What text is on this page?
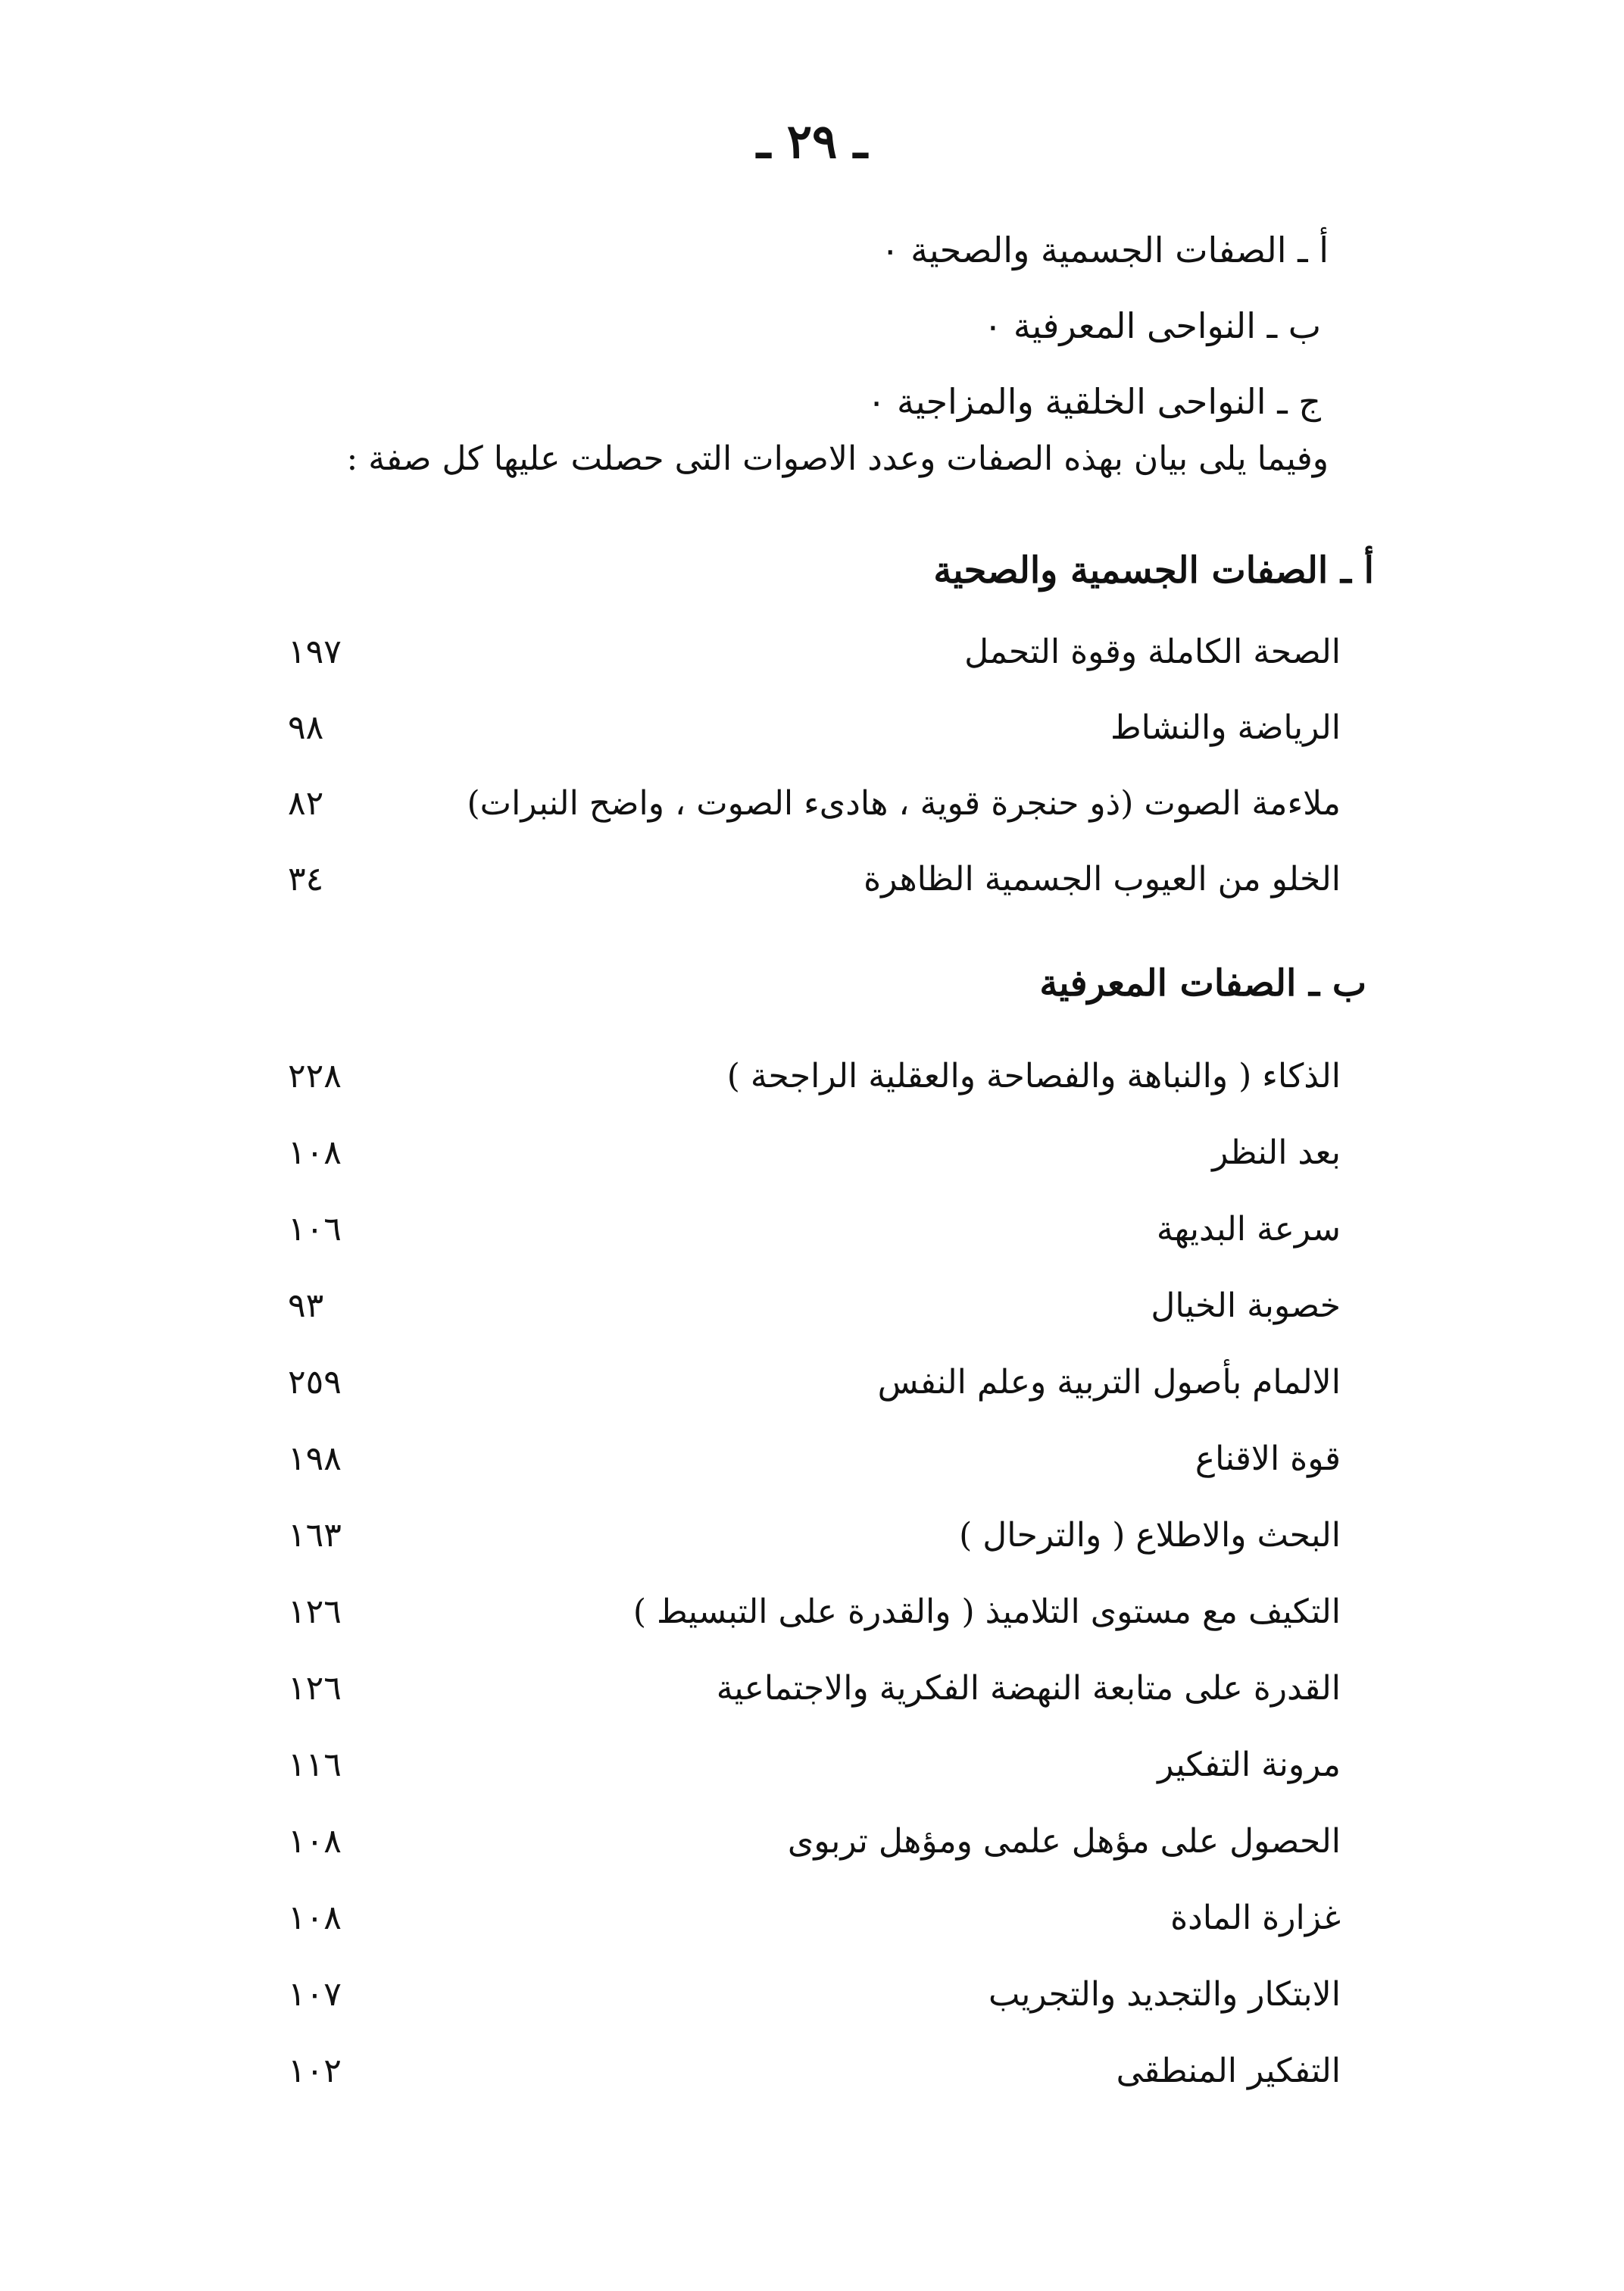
ـ ٢٩ ـ
أ ـ الصفات الجسمية والصحية ٠
ب ـ النواحى المعرفية ٠
ج ـ النواحى الخلقية والمزاجية ٠
وفيما يلى بيان بهذه الصفات وعدد الاصوات التى حصلت عليها كل صفة :
أ ـ الصفات الجسمية والصحية
الصحة الكاملة وقوة التحمل
١٩٧
الرياضة والنشاط
٩٨
ملاءمة الصوت (ذو حنجرة قوية ، هادىء الصوت ، واضح النبرات)
٨٢
الخلو من العيوب الجسمية الظاهرة
٣٤
ب ـ الصفات المعرفية
الذكاء ( والنباهة والفصاحة والعقلية الراجحة )
٢٢٨
بعد النظر
١٠٨
سرعة البديهة
١٠٦
خصوبة الخيال
٩٣
الالمام بأصول التربية وعلم النفس
٢٥٩
قوة الاقناع
١٩٨
البحث والاطلاع ( والترحال )
١٦٣
التكيف مع مستوى التلاميذ ( والقدرة على التبسيط )
١٢٦
القدرة على متابعة النهضة الفكرية والاجتماعية
١٢٦
مرونة التفكير
١١٦
الحصول على مؤهل علمى ومؤهل تربوى
١٠٨
غزارة المادة
١٠٨
الابتكار والتجديد والتجريب
١٠٧
التفكير المنطقى
١٠٢
